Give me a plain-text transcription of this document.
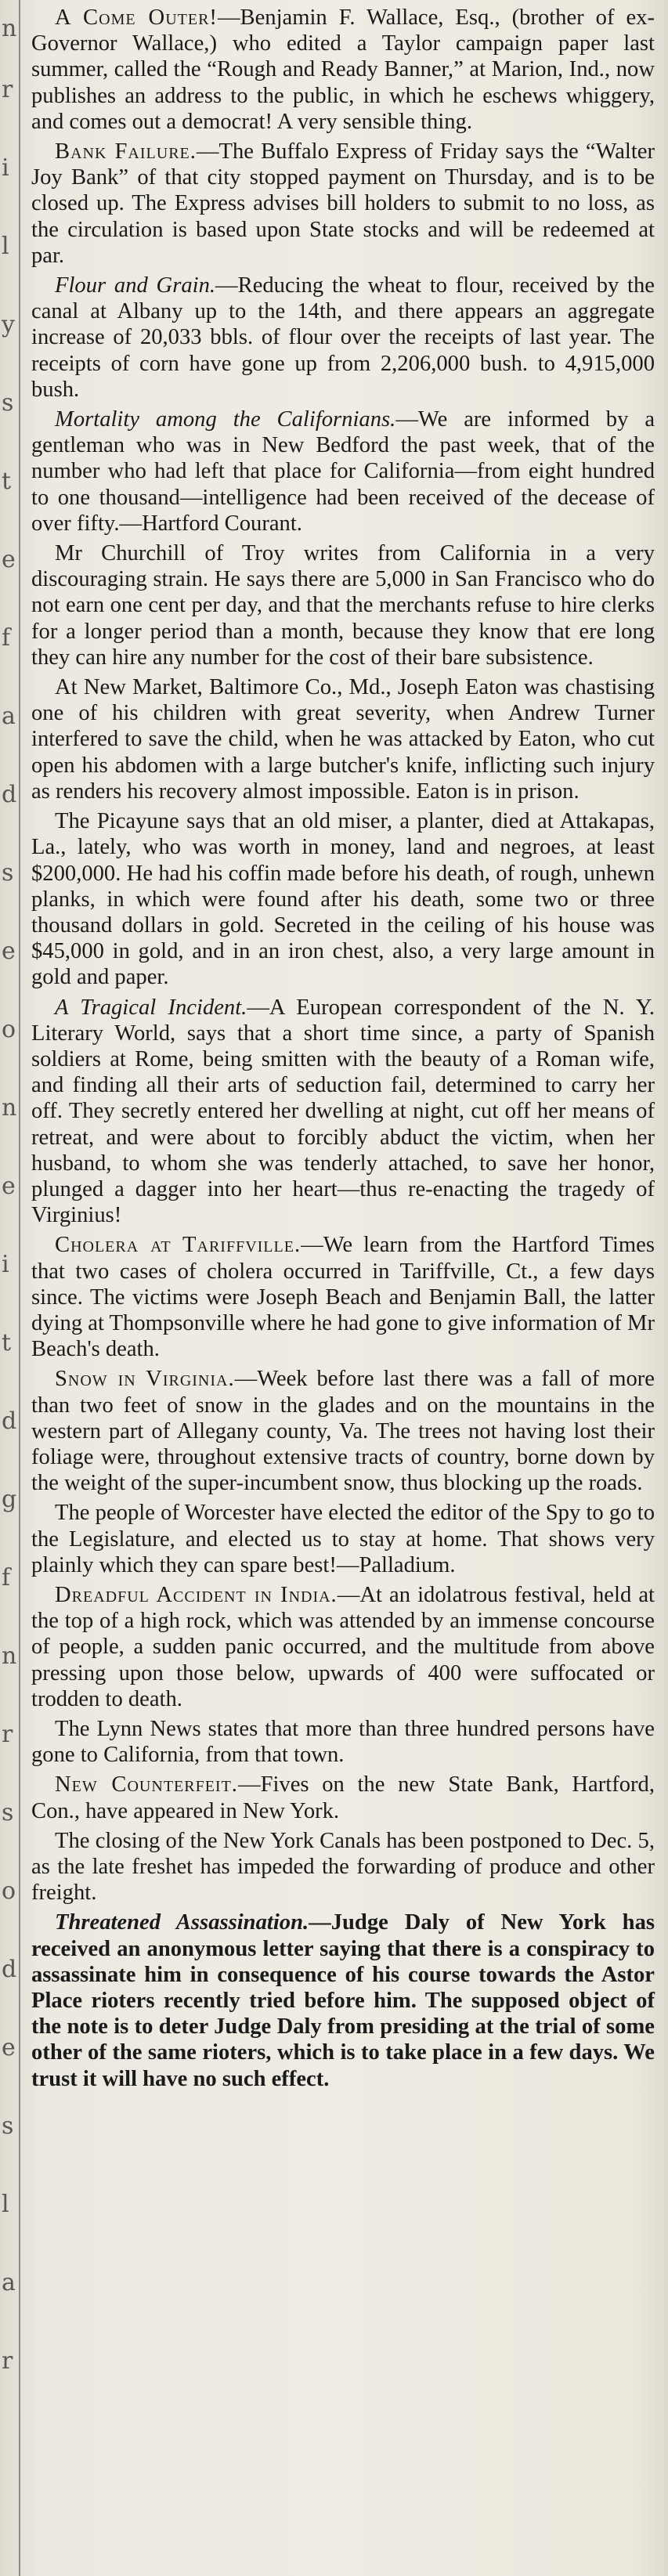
n
r
i
l
y
s
t
e
f
a
d
s
e
o
n
e
i
t
d
g
f
n
r
s
o
d
e
s
l
a
r

A Come Outer!—Benjamin F. Wallace, Esq., (brother of ex-Governor Wallace,) who edited a Taylor campaign paper last summer, called the “Rough and Ready Banner,” at Marion, Ind., now publishes an address to the public, in which he eschews whiggery, and comes out a democrat! A very sensible thing.

Bank Failure.—The Buffalo Express of Friday says the “Walter Joy Bank” of that city stopped payment on Thursday, and is to be closed up. The Express advises bill holders to submit to no loss, as the circulation is based upon State stocks and will be redeemed at par.

Flour and Grain.—Reducing the wheat to flour, received by the canal at Albany up to the 14th, and there appears an aggregate increase of 20,033 bbls. of flour over the receipts of last year. The receipts of corn have gone up from 2,206,000 bush. to 4,915,000 bush.

Mortality among the Californians.—We are informed by a gentleman who was in New Bedford the past week, that of the number who had left that place for California—from eight hundred to one thousand—intelligence had been received of the decease of over fifty.—Hartford Courant.

Mr Churchill of Troy writes from California in a very discouraging strain. He says there are 5,000 in San Francisco who do not earn one cent per day, and that the merchants refuse to hire clerks for a longer period than a month, because they know that ere long they can hire any number for the cost of their bare subsistence.

At New Market, Baltimore Co., Md., Joseph Eaton was chastising one of his children with great severity, when Andrew Turner interfered to save the child, when he was attacked by Eaton, who cut open his abdomen with a large butcher's knife, inflicting such injury as renders his recovery almost impossible. Eaton is in prison.

The Picayune says that an old miser, a planter, died at Attakapas, La., lately, who was worth in money, land and negroes, at least $200,000. He had his coffin made before his death, of rough, unhewn planks, in which were found after his death, some two or three thousand dollars in gold. Secreted in the ceiling of his house was $45,000 in gold, and in an iron chest, also, a very large amount in gold and paper.

A Tragical Incident.—A European correspondent of the N. Y. Literary World, says that a short time since, a party of Spanish soldiers at Rome, being smitten with the beauty of a Roman wife, and finding all their arts of seduction fail, determined to carry her off. They secretly entered her dwelling at night, cut off her means of retreat, and were about to forcibly abduct the victim, when her husband, to whom she was tenderly attached, to save her honor, plunged a dagger into her heart—thus re-enacting the tragedy of Virginius!

Cholera at Tariffville.—We learn from the Hartford Times that two cases of cholera occurred in Tariffville, Ct., a few days since. The victims were Joseph Beach and Benjamin Ball, the latter dying at Thompsonville where he had gone to give information of Mr Beach's death.

Snow in Virginia.—Week before last there was a fall of more than two feet of snow in the glades and on the mountains in the western part of Allegany county, Va. The trees not having lost their foliage were, throughout extensive tracts of country, borne down by the weight of the super-incumbent snow, thus blocking up the roads.

The people of Worcester have elected the editor of the Spy to go to the Legislature, and elected us to stay at home. That shows very plainly which they can spare best!—Palladium.

Dreadful Accident in India.—At an idolatrous festival, held at the top of a high rock, which was attended by an immense concourse of people, a sudden panic occurred, and the multitude from above pressing upon those below, upwards of 400 were suffocated or trodden to death.

The Lynn News states that more than three hundred persons have gone to California, from that town.

New Counterfeit.—Fives on the new State Bank, Hartford, Con., have appeared in New York.

The closing of the New York Canals has been postponed to Dec. 5, as the late freshet has impeded the forwarding of produce and other freight.

Threatened Assassination.—Judge Daly of New York has received an anonymous letter saying that there is a conspiracy to assassinate him in consequence of his course towards the Astor Place rioters recently tried before him. The supposed object of the note is to deter Judge Daly from presiding at the trial of some other of the same rioters, which is to take place in a few days. We trust it will have no such effect.
